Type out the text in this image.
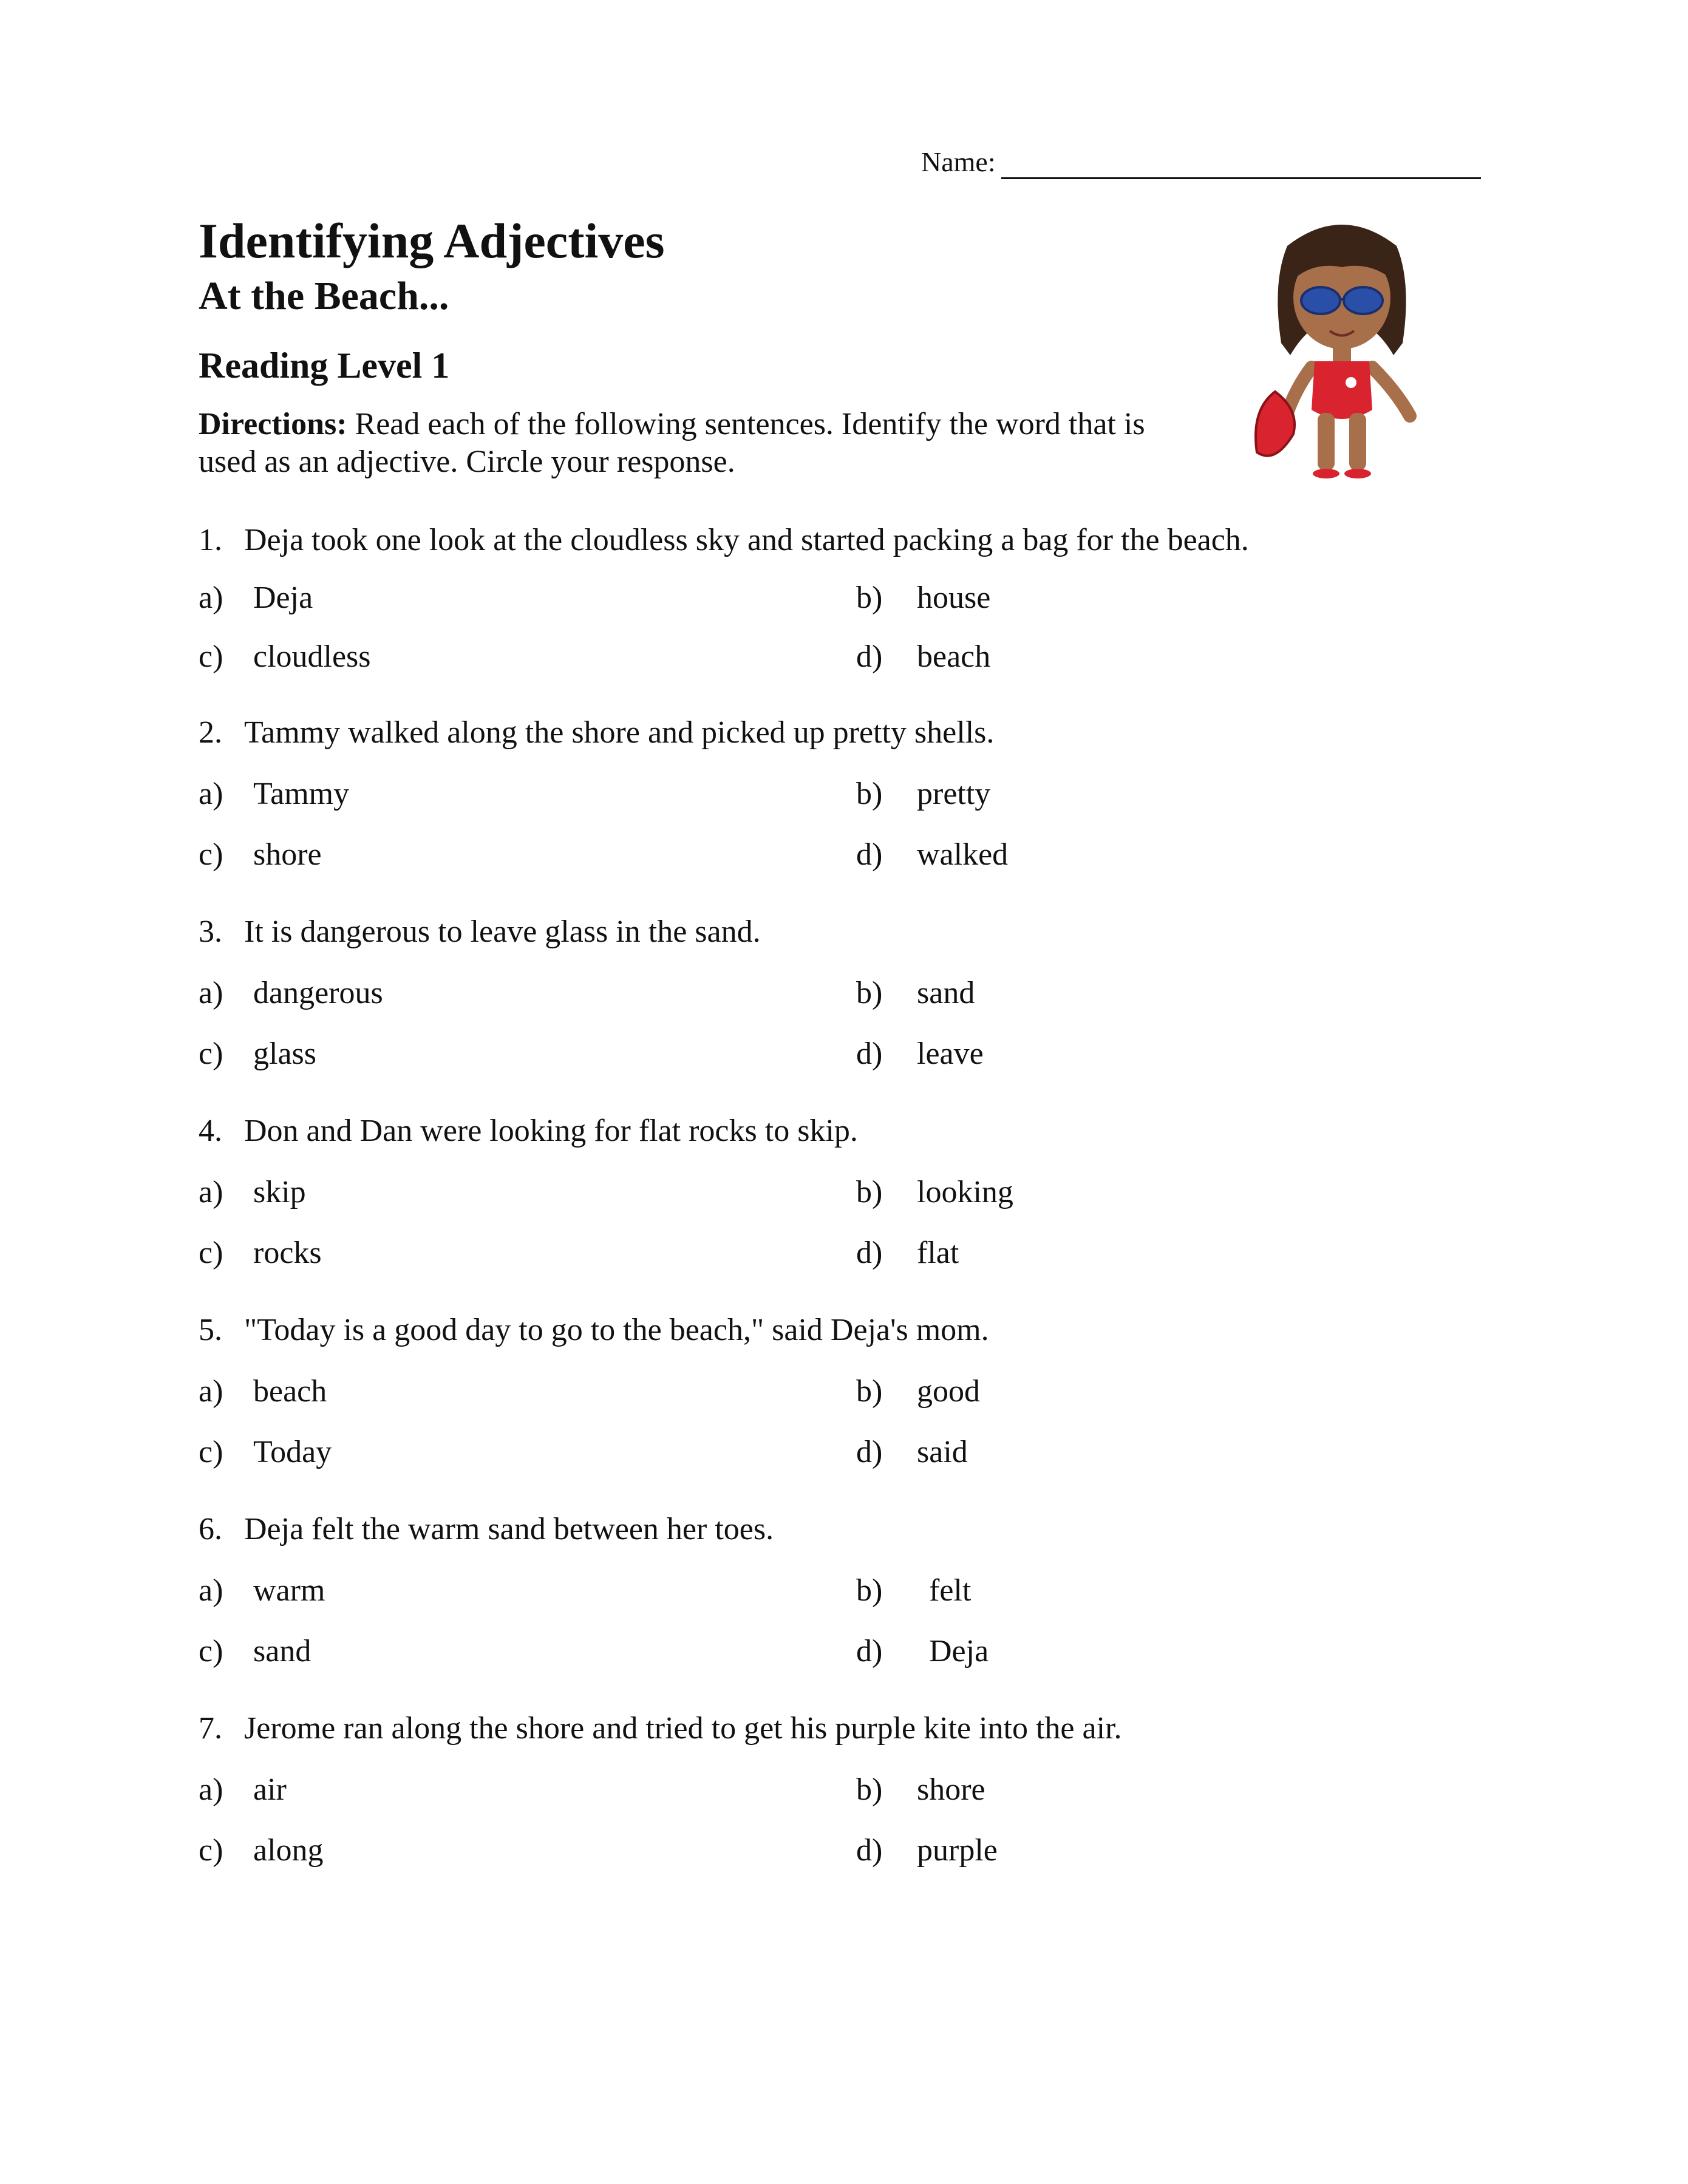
Name:
Identifying Adjectives
At the Beach...
Reading Level 1
Directions: Read each of the following sentences. Identify the word that is used as an adjective. Circle your response.
1. Deja took one look at the cloudless sky and started packing a bag for the beach.
a) Deja	b) house
c) cloudless	d) beach
2. Tammy walked along the shore and picked up pretty shells.
a) Tammy	b) pretty
c) shore	d) walked
3. It is dangerous to leave glass in the sand.
a) dangerous	b) sand
c) glass	d) leave
4. Don and Dan were looking for flat rocks to skip.
a) skip	b) looking
c) rocks	d) flat
5. "Today is a good day to go to the beach," said Deja's mom.
a) beach	b) good
c) Today	d) said
6. Deja felt the warm sand between her toes.
a) warm	b) felt
c) sand	d) Deja
7. Jerome ran along the shore and tried to get his purple kite into the air.
a) air	b) shore
c) along	d) purple
